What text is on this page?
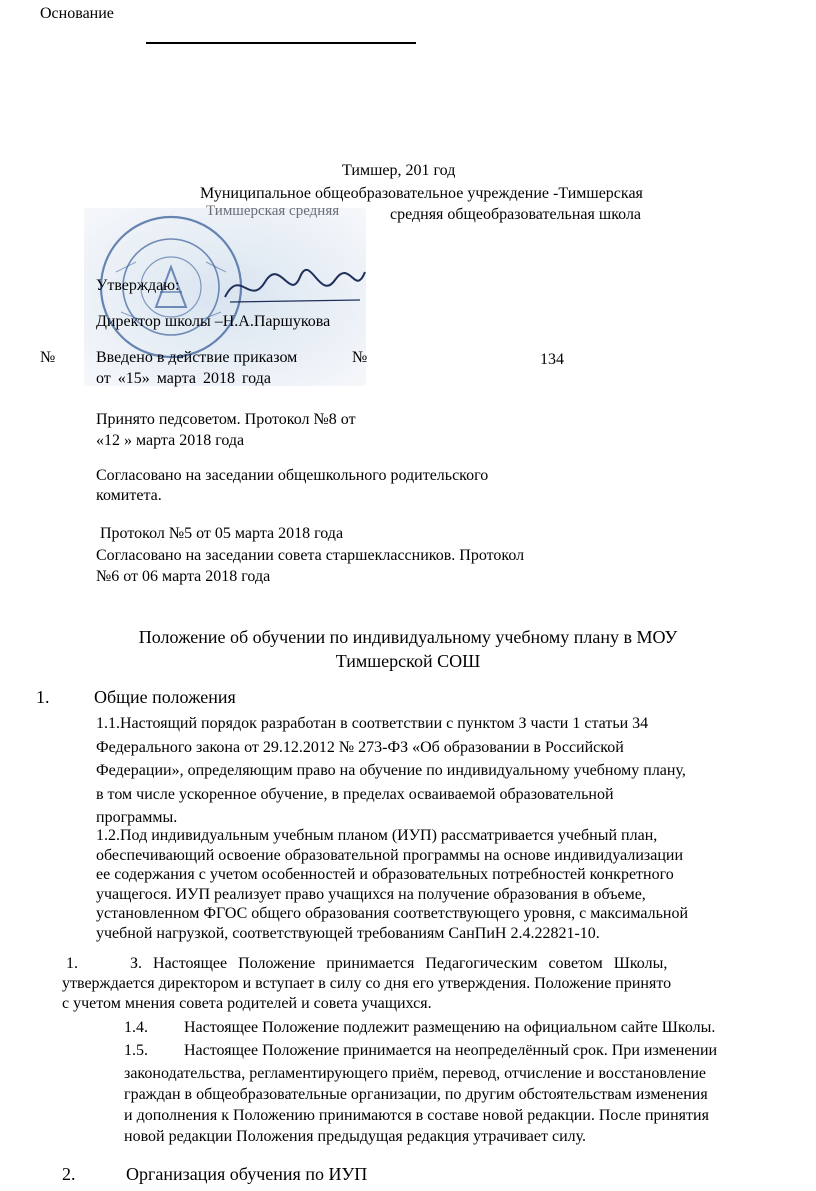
Основание
Тимшер, 201 год
Муниципальное общеобразовательное учреждение -Тимшерская
Тимшерская средняя	средняя общеобразовательная школа
Утверждаю:
Директор школы –Н.А.Паршукова
№	Введено в действие приказом	№	134
от «15» марта 2018 года
Принято педсоветом. Протокол №8 от
«12 » марта 2018 года
Согласовано на заседании общешкольного родительского
комитета.
Протокол №5 от 05 марта 2018 года
Согласовано на заседании совета старшеклассников. Протокол
№6 от 06 марта 2018 года
Положение об обучении по индивидуальному учебному плану в МОУ
Тимшерской СОШ
1. Общие положения
1.1.Настоящий порядок разработан в соответствии с пунктом З части 1 статьи 34
Федерального закона от 29.12.2012 № 273-ФЗ «Об образовании в Российской
Федерации», определяющим право на обучение по индивидуальному учебному плану,
в том числе ускоренное обучение, в пределах осваиваемой образовательной
программы.
1.2.Под индивидуальным учебным планом (ИУП) рассматривается учебный план,
обеспечивающий освоение образовательной программы на основе индивидуализации
ее содержания с учетом особенностей и образовательных потребностей конкретного
учащегося. ИУП реализует право учащихся на получение образования в объеме,
установленном ФГОС общего образования соответствующего уровня, с максимальной
учебной нагрузкой, соответствующей требованиям СанПиН 2.4.22821-10.
1.	З. Настоящее Положение принимается Педагогическим советом Школы,
утверждается директором и вступает в силу со дня его утверждения. Положение принято
с учетом мнения совета родителей и совета учащихся.
1.4. Настоящее Положение подлежит размещению на официальном сайте Школы.
1.5. Настоящее Положение принимается на неопределённый срок. При изменении
законодательства, регламентирующего приём, перевод, отчисление и восстановление
граждан в общеобразовательные организации, по другим обстоятельствам изменения
и дополнения к Положению принимаются в составе новой редакции. После принятия
новой редакции Положения предыдущая редакция утрачивает силу.
2.	Организация обучения по ИУП
